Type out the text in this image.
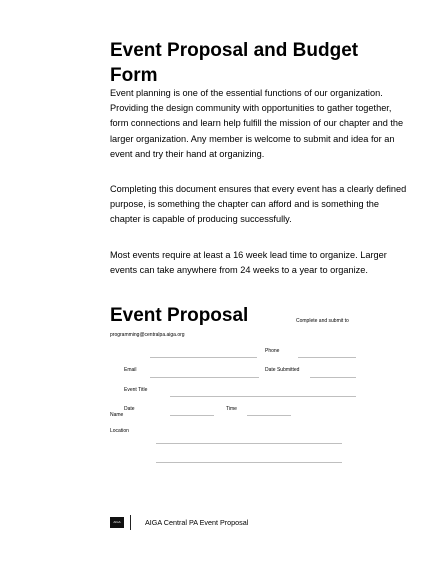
Event Proposal and Budget Form

Event planning is one of the essential functions of our organization. Providing the design community with opportunities to gather together, form connections and learn help fulfill the mission of our chapter and the larger organization. Any member is welcome to submit and idea for an event and try their hand at organizing.

Completing this document ensures that every event has a clearly defined purpose, is something the chapter can afford and is something the chapter is capable of producing successfully.

Most events require at least a 16 week lead time to organize. Larger events can take anywhere from 24 weeks to a year to organize.

Event Proposal	Complete and submit to
programming@centralpa.aiga.org
Phone
Email	Date Submitted
Event Title
Date	Time
Name
Location
AIGA	AIGA Central PA Event Proposal
